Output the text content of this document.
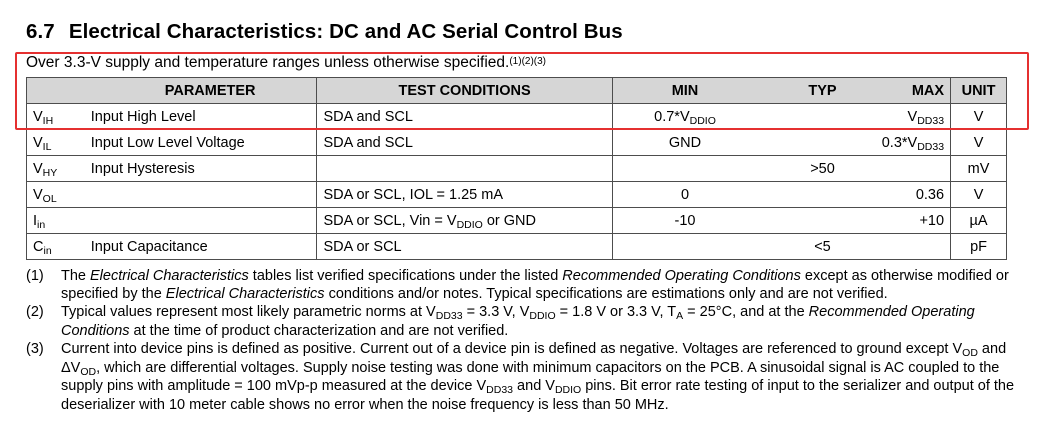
6.7 Electrical Characteristics: DC and AC Serial Control Bus
Over 3.3-V supply and temperature ranges unless otherwise specified.$^{(1)(2)(3)}$
	PARAMETER	TEST CONDITIONS	MIN	TYP	MAX	UNIT
$V_{IH}$	Input High Level	SDA and SCL	$0.7*V_{DDIO}$		$V_{DD33}$	V
$V_{IL}$	Input Low Level Voltage	SDA and SCL	GND		$0.3*V_{DD33}$	V
$V_{HY}$	Input Hysteresis			>50		mV
$V_{OL}$		SDA or SCL, IOL = 1.25 mA	0		0.36	V
$I_{in}$		SDA or SCL, Vin = $V_{DDIO}$ or GND	-10		+10	µA
$C_{in}$	Input Capacitance	SDA or SCL		<5		pF
(1)	The Electrical Characteristics tables list verified specifications under the listed Recommended Operating Conditions except as otherwise modified or specified by the Electrical Characteristics conditions and/or notes. Typical specifications are estimations only and are not verified.
(2)	Typical values represent most likely parametric norms at $V_{DD33} = 3.3$ V, $V_{DDIO} = 1.8$ V or 3.3 V, $T_A = 25^\circ C$, and at the Recommended Operating Conditions at the time of product characterization and are not verified.
(3)	Current into device pins is defined as positive. Current out of a device pin is defined as negative. Voltages are referenced to ground except $V_{OD}$ and $\Delta V_{OD}$, which are differential voltages. Supply noise testing was done with minimum capacitors on the PCB. A sinusoidal signal is AC coupled to the supply pins with amplitude = 100 mVp-p measured at the device $V_{DD33}$ and $V_{DDIO}$ pins. Bit error rate testing of input to the serializer and output of the deserializer with 10 meter cable shows no error when the noise frequency is less than 50 MHz.
